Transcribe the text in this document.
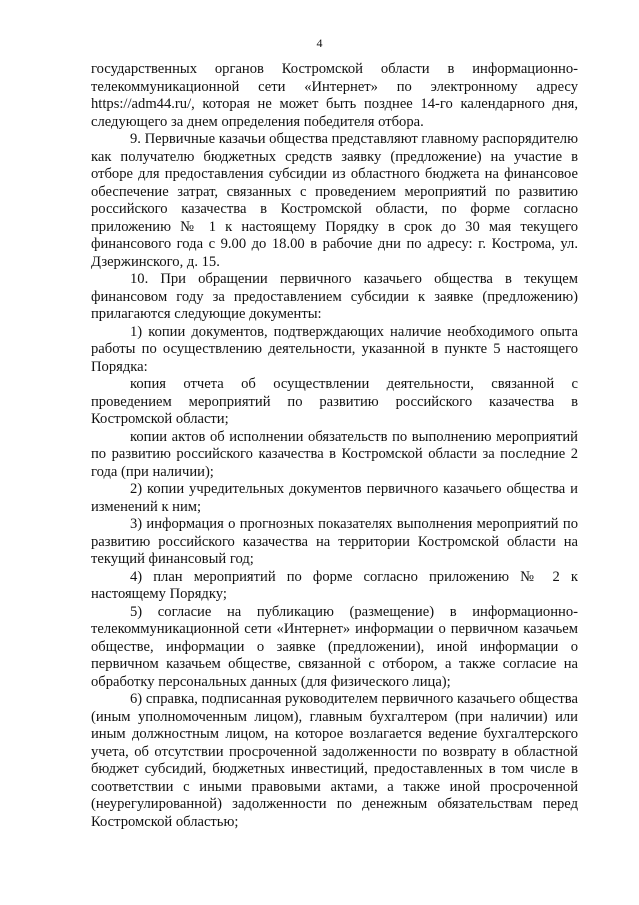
4

государственных органов Костромской области в информационно-телекоммуникационной сети «Интернет» по электронному адресу https://adm44.ru/, которая не может быть позднее 14-го календарного дня, следующего за днем определения победителя отбора.

9. Первичные казачьи общества представляют главному распорядителю как получателю бюджетных средств заявку (предложение) на участие в отборе для предоставления субсидии из областного бюджета на финансовое обеспечение затрат, связанных с проведением мероприятий по развитию российского казачества в Костромской области, по форме согласно приложению № 1 к настоящему Порядку в срок до 30 мая текущего финансового года с 9.00 до 18.00 в рабочие дни по адресу: г. Кострома, ул. Дзержинского, д. 15.

10. При обращении первичного казачьего общества в текущем финансовом году за предоставлением субсидии к заявке (предложению) прилагаются следующие документы:

1) копии документов, подтверждающих наличие необходимого опыта работы по осуществлению деятельности, указанной в пункте 5 настоящего Порядка:

копия отчета об осуществлении деятельности, связанной с проведением мероприятий по развитию российского казачества в Костромской области;

копии актов об исполнении обязательств по выполнению мероприятий по развитию российского казачества в Костромской области за последние 2 года (при наличии);

2) копии учредительных документов первичного казачьего общества и изменений к ним;

3) информация о прогнозных показателях выполнения мероприятий по развитию российского казачества на территории Костромской области на текущий финансовый год;

4) план мероприятий по форме согласно приложению № 2 к настоящему Порядку;

5) согласие на публикацию (размещение) в информационно-телекоммуникационной сети «Интернет» информации о первичном казачьем обществе, информации о заявке (предложении), иной информации о первичном казачьем обществе, связанной с отбором, а также согласие на обработку персональных данных (для физического лица);

6) справка, подписанная руководителем первичного казачьего общества (иным уполномоченным лицом), главным бухгалтером (при наличии) или иным должностным лицом, на которое возлагается ведение бухгалтерского учета, об отсутствии просроченной задолженности по возврату в областной бюджет субсидий, бюджетных инвестиций, предоставленных в том числе в соответствии с иными правовыми актами, а также иной просроченной (неурегулированной) задолженности по денежным обязательствам перед Костромской областью;
